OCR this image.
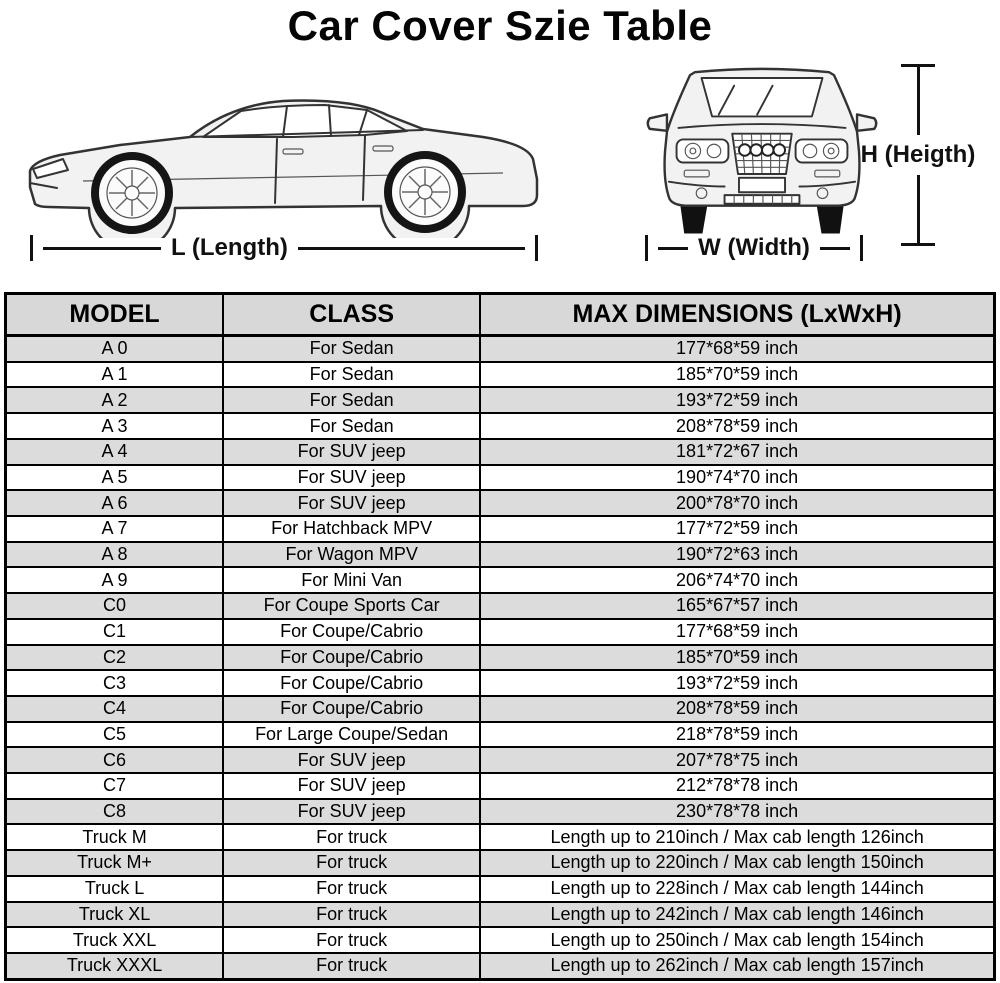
Car Cover Szie Table
L (Length)	W (Width)
H (Heigth)
MODEL	CLASS	MAX DIMENSIONS (LxWxH)
A 0	For Sedan	177*68*59 inch
A 1	For Sedan	185*70*59 inch
A 2	For Sedan	193*72*59 inch
A 3	For Sedan	208*78*59 inch
A 4	For SUV jeep	181*72*67 inch
A 5	For SUV jeep	190*74*70 inch
A 6	For SUV jeep	200*78*70 inch
A 7	For Hatchback MPV	177*72*59 inch
A 8	For Wagon MPV	190*72*63 inch
A 9	For Mini Van	206*74*70 inch
C0	For Coupe Sports Car	165*67*57 inch
C1	For Coupe/Cabrio	177*68*59 inch
C2	For Coupe/Cabrio	185*70*59 inch
C3	For Coupe/Cabrio	193*72*59 inch
C4	For Coupe/Cabrio	208*78*59 inch
C5	For Large Coupe/Sedan	218*78*59 inch
C6	For SUV jeep	207*78*75 inch
C7	For SUV jeep	212*78*78 inch
C8	For SUV jeep	230*78*78 inch
Truck M	For truck	Length up to 210inch / Max cab length 126inch
Truck M+	For truck	Length up to 220inch / Max cab length 150inch
Truck L	For truck	Length up to 228inch / Max cab length 144inch
Truck XL	For truck	Length up to 242inch / Max cab length 146inch
Truck XXL	For truck	Length up to 250inch / Max cab length 154inch
Truck XXXL	For truck	Length up to 262inch / Max cab length 157inch
